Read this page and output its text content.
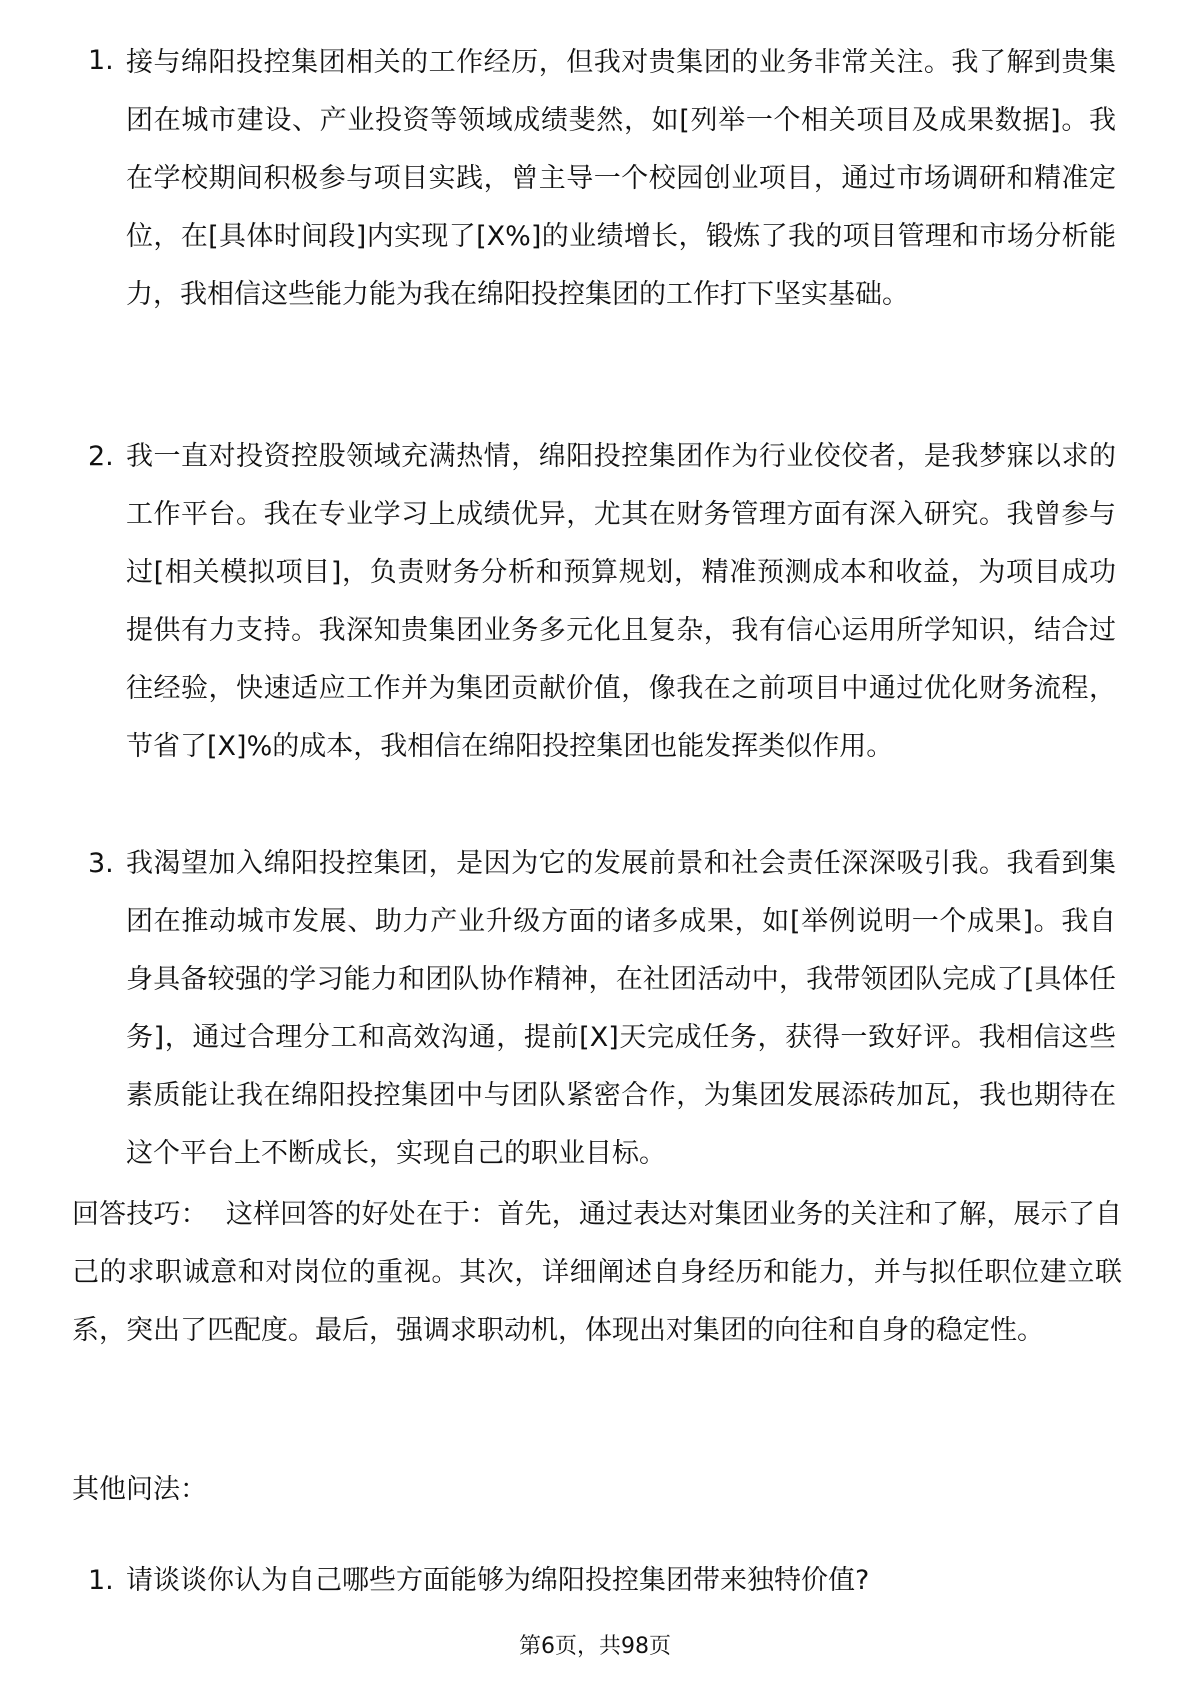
1. 接与绵阳投控集团相关的工作经历，但我对贵集团的业务非常关注。我了解到贵集团在城市建设、产业投资等领域成绩斐然，如[列举一个相关项目及成果数据]。我在学校期间积极参与项目实践，曾主导一个校园创业项目，通过市场调研和精准定位，在[具体时间段]内实现了[X%]的业绩增长，锻炼了我的项目管理和市场分析能力，我相信这些能力能为我在绵阳投控集团的工作打下坚实基础。

2. 我一直对投资控股领域充满热情，绵阳投控集团作为行业佼佼者，是我梦寐以求的工作平台。我在专业学习上成绩优异，尤其在财务管理方面有深入研究。我曾参与过[相关模拟项目]，负责财务分析和预算规划，精准预测成本和收益，为项目成功提供有力支持。我深知贵集团业务多元化且复杂，我有信心运用所学知识，结合过往经验，快速适应工作并为集团贡献价值，像我在之前项目中通过优化财务流程，节省了[X]%的成本，我相信在绵阳投控集团也能发挥类似作用。

3. 我渴望加入绵阳投控集团，是因为它的发展前景和社会责任深深吸引我。我看到集团在推动城市发展、助力产业升级方面的诸多成果，如[举例说明一个成果]。我自身具备较强的学习能力和团队协作精神，在社团活动中，我带领团队完成了[具体任务]，通过合理分工和高效沟通，提前[X]天完成任务，获得一致好评。我相信这些素质能让我在绵阳投控集团中与团队紧密合作，为集团发展添砖加瓦，我也期待在这个平台上不断成长，实现自己的职业目标。

回答技巧： 这样回答的好处在于：首先，通过表达对集团业务的关注和了解，展示了自己的求职诚意和对岗位的重视。其次，详细阐述自身经历和能力，并与拟任职位建立联系，突出了匹配度。最后，强调求职动机，体现出对集团的向往和自身的稳定性。

其他问法：

1. 请谈谈你认为自己哪些方面能够为绵阳投控集团带来独特价值?

第6页，共98页
